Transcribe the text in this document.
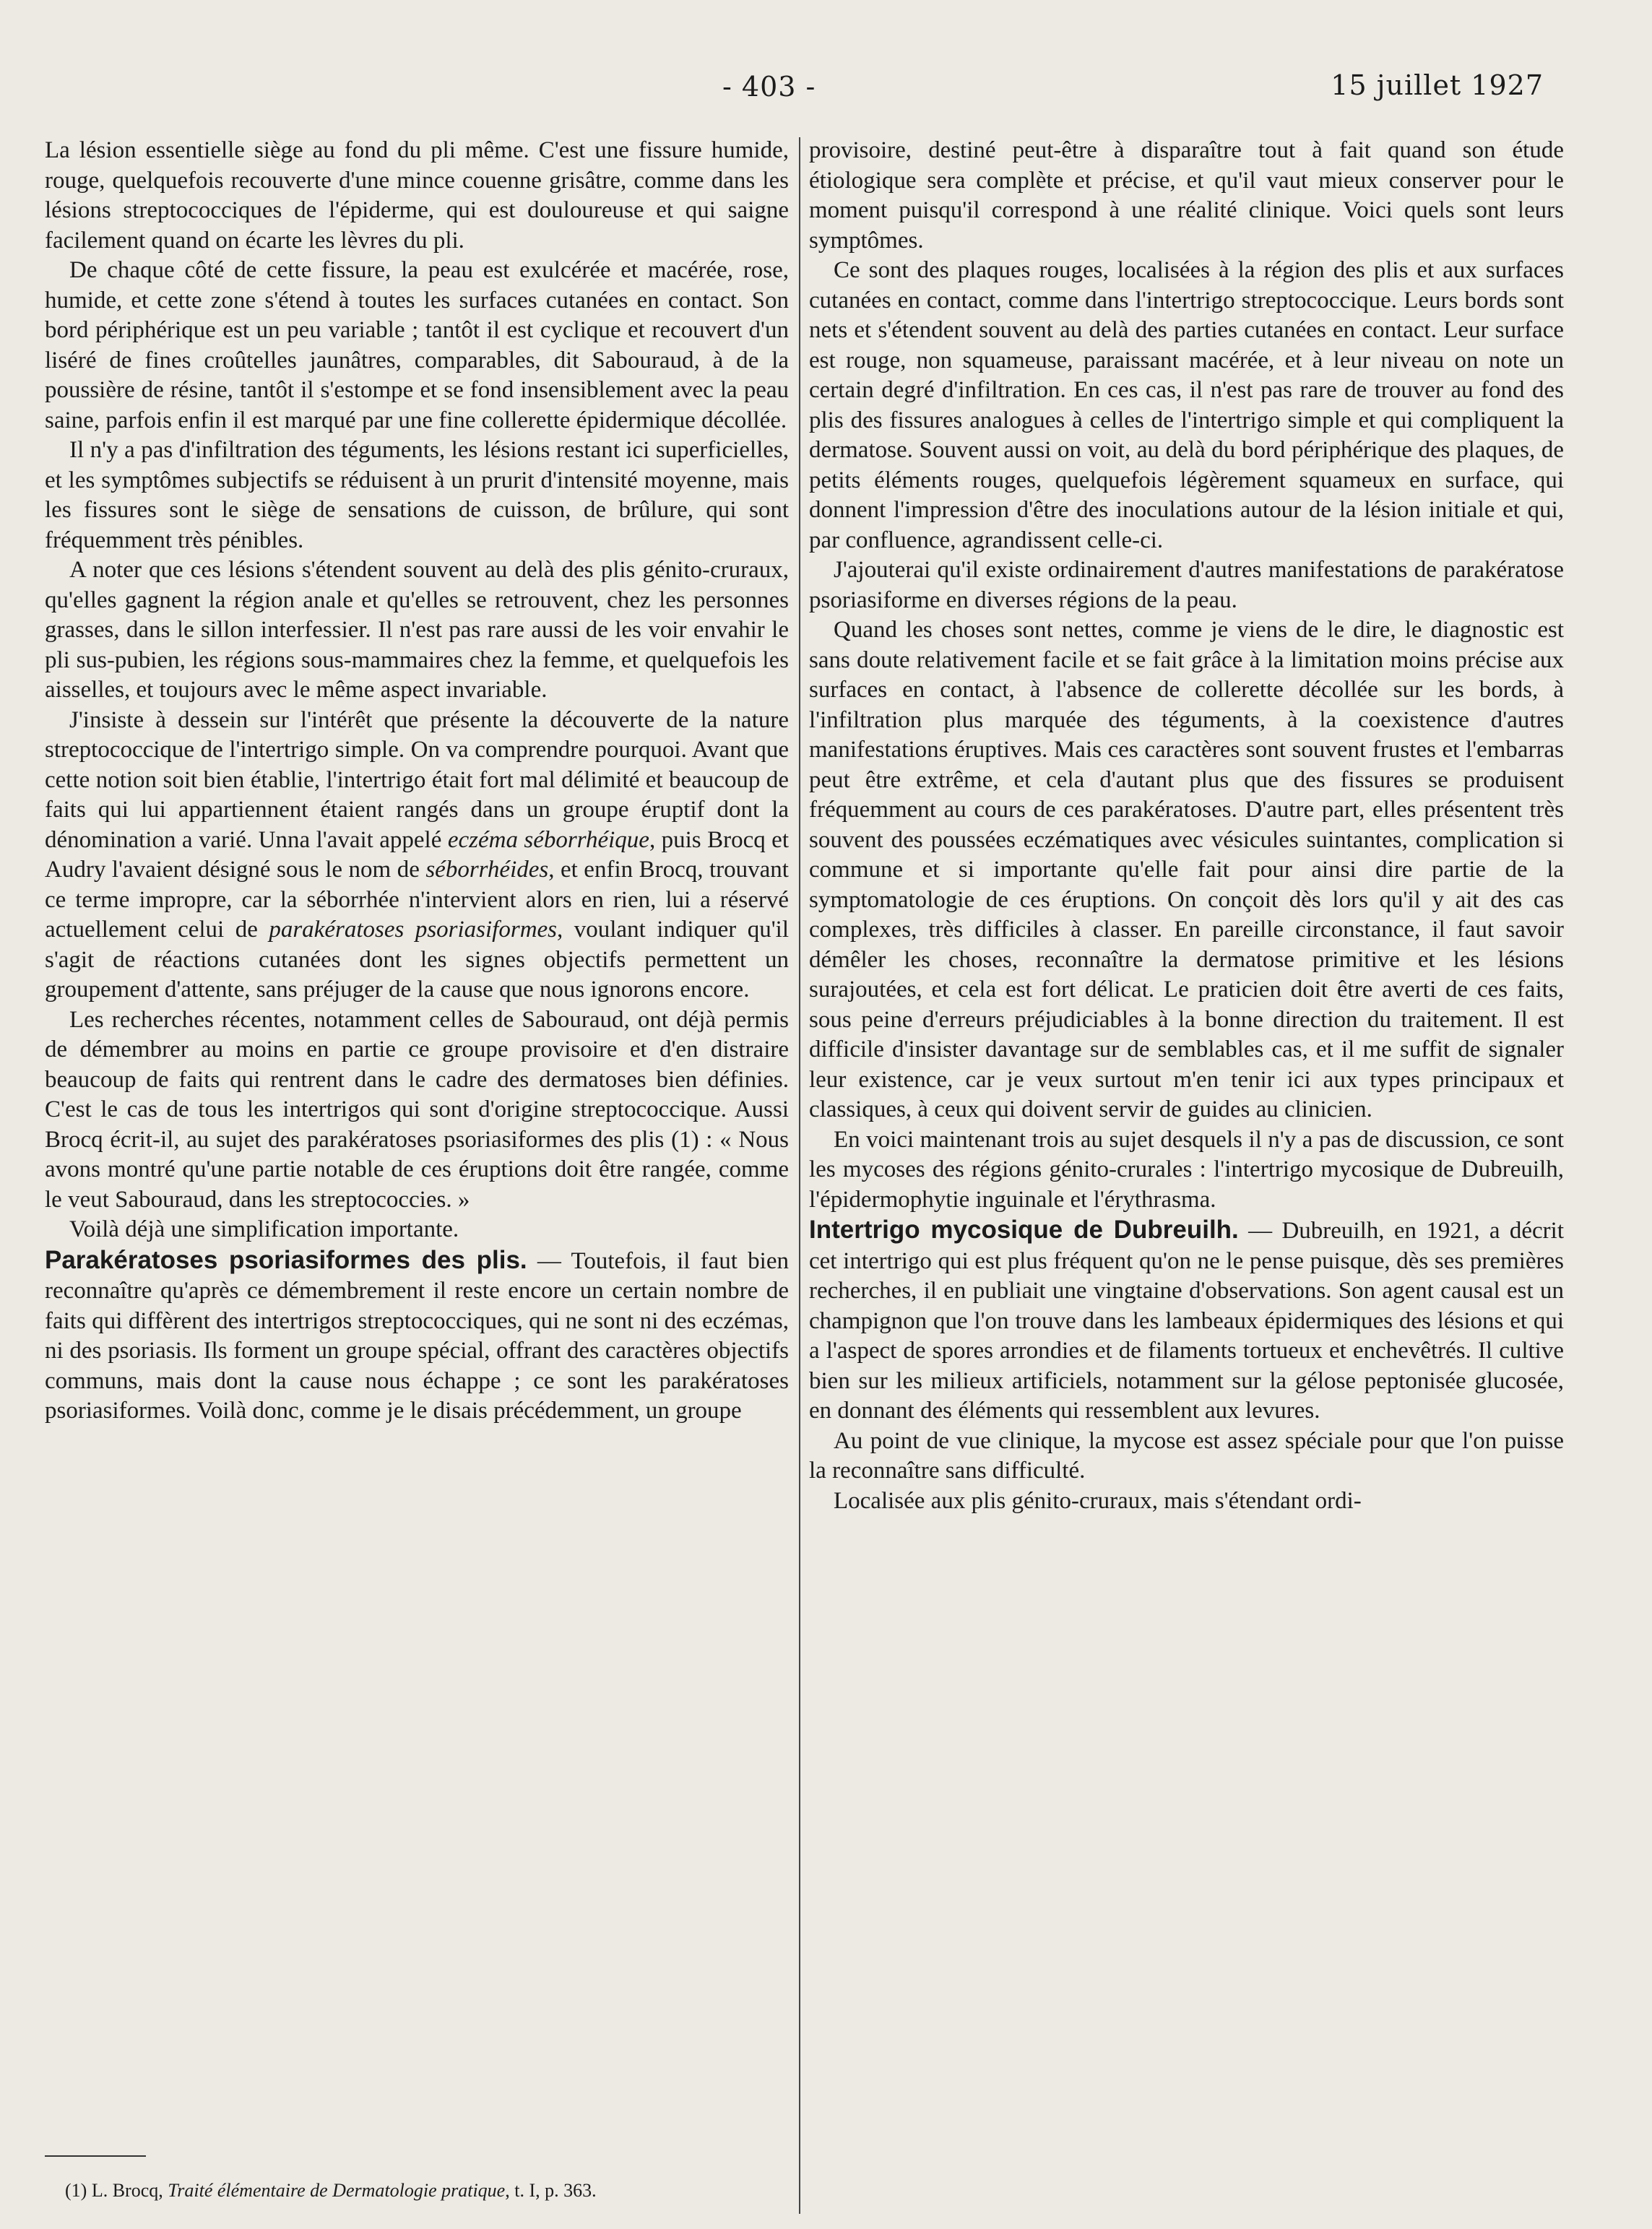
- 403 -	15 juillet 1927

La lésion essentielle siège au fond du pli même. C'est une fissure humide, rouge, quelquefois recouverte d'une mince couenne grisâtre, comme dans les lésions streptococciques de l'épiderme, qui est douloureuse et qui saigne facilement quand on écarte les lèvres du pli.

De chaque côté de cette fissure, la peau est exulcérée et macérée, rose, humide, et cette zone s'étend à toutes les surfaces cutanées en contact. Son bord périphérique est un peu variable ; tantôt il est cyclique et recouvert d'un liséré de fines croûtelles jaunâtres, comparables, dit Sabouraud, à de la poussière de résine, tantôt il s'estompe et se fond insensiblement avec la peau saine, parfois enfin il est marqué par une fine collerette épidermique décollée.

Il n'y a pas d'infiltration des téguments, les lésions restant ici superficielles, et les symptômes subjectifs se réduisent à un prurit d'intensité moyenne, mais les fissures sont le siège de sensations de cuisson, de brûlure, qui sont fréquemment très pénibles.

A noter que ces lésions s'étendent souvent au delà des plis génito-cruraux, qu'elles gagnent la région anale et qu'elles se retrouvent, chez les personnes grasses, dans le sillon interfessier. Il n'est pas rare aussi de les voir envahir le pli sus-pubien, les régions sous-mammaires chez la femme, et quelquefois les aisselles, et toujours avec le même aspect invariable.

J'insiste à dessein sur l'intérêt que présente la découverte de la nature streptococcique de l'intertrigo simple. On va comprendre pourquoi. Avant que cette notion soit bien établie, l'intertrigo était fort mal délimité et beaucoup de faits qui lui appartiennent étaient rangés dans un groupe éruptif dont la dénomination a varié. Unna l'avait appelé eczéma séborrhéique, puis Brocq et Audry l'avaient désigné sous le nom de séborrhéides, et enfin Brocq, trouvant ce terme impropre, car la séborrhée n'intervient alors en rien, lui a réservé actuellement celui de parakératoses psoriasiformes, voulant indiquer qu'il s'agit de réactions cutanées dont les signes objectifs permettent un groupement d'attente, sans préjuger de la cause que nous ignorons encore.

Les recherches récentes, notamment celles de Sabouraud, ont déjà permis de démembrer au moins en partie ce groupe provisoire et d'en distraire beaucoup de faits qui rentrent dans le cadre des dermatoses bien définies. C'est le cas de tous les intertrigos qui sont d'origine streptococcique. Aussi Brocq écrit-il, au sujet des parakératoses psoriasiformes des plis (1) : « Nous avons montré qu'une partie notable de ces éruptions doit être rangée, comme le veut Sabouraud, dans les streptococcies. »

Voilà déjà une simplification importante.

Parakératoses psoriasiformes des plis. — Toutefois, il faut bien reconnaître qu'après ce démembrement il reste encore un certain nombre de faits qui diffèrent des intertrigos streptococciques, qui ne sont ni des eczémas, ni des psoriasis. Ils forment un groupe spécial, offrant des caractères objectifs communs, mais dont la cause nous échappe ; ce sont les parakératoses psoriasiformes. Voilà donc, comme je le disais précédemment, un groupe

provisoire, destiné peut-être à disparaître tout à fait quand son étude étiologique sera complète et précise, et qu'il vaut mieux conserver pour le moment puisqu'il correspond à une réalité clinique. Voici quels sont leurs symptômes.

Ce sont des plaques rouges, localisées à la région des plis et aux surfaces cutanées en contact, comme dans l'intertrigo streptococcique. Leurs bords sont nets et s'étendent souvent au delà des parties cutanées en contact. Leur surface est rouge, non squameuse, paraissant macérée, et à leur niveau on note un certain degré d'infiltration. En ces cas, il n'est pas rare de trouver au fond des plis des fissures analogues à celles de l'intertrigo simple et qui compliquent la dermatose. Souvent aussi on voit, au delà du bord périphérique des plaques, de petits éléments rouges, quelquefois légèrement squameux en surface, qui donnent l'impression d'être des inoculations autour de la lésion initiale et qui, par confluence, agrandissent celle-ci.

J'ajouterai qu'il existe ordinairement d'autres manifestations de parakératose psoriasiforme en diverses régions de la peau.

Quand les choses sont nettes, comme je viens de le dire, le diagnostic est sans doute relativement facile et se fait grâce à la limitation moins précise aux surfaces en contact, à l'absence de collerette décollée sur les bords, à l'infiltration plus marquée des téguments, à la coexistence d'autres manifestations éruptives. Mais ces caractères sont souvent frustes et l'embarras peut être extrême, et cela d'autant plus que des fissures se produisent fréquemment au cours de ces parakératoses. D'autre part, elles présentent très souvent des poussées eczématiques avec vésicules suintantes, complication si commune et si importante qu'elle fait pour ainsi dire partie de la symptomatologie de ces éruptions. On conçoit dès lors qu'il y ait des cas complexes, très difficiles à classer. En pareille circonstance, il faut savoir démêler les choses, reconnaître la dermatose primitive et les lésions surajoutées, et cela est fort délicat. Le praticien doit être averti de ces faits, sous peine d'erreurs préjudiciables à la bonne direction du traitement. Il est difficile d'insister davantage sur de semblables cas, et il me suffit de signaler leur existence, car je veux surtout m'en tenir ici aux types principaux et classiques, à ceux qui doivent servir de guides au clinicien.

En voici maintenant trois au sujet desquels il n'y a pas de discussion, ce sont les mycoses des régions génito-crurales : l'intertrigo mycosique de Dubreuilh, l'épidermophytie inguinale et l'érythrasma.

Intertrigo mycosique de Dubreuilh. — Dubreuilh, en 1921, a décrit cet intertrigo qui est plus fréquent qu'on ne le pense puisque, dès ses premières recherches, il en publiait une vingtaine d'observations. Son agent causal est un champignon que l'on trouve dans les lambeaux épidermiques des lésions et qui a l'aspect de spores arrondies et de filaments tortueux et enchevêtrés. Il cultive bien sur les milieux artificiels, notamment sur la gélose peptonisée glucosée, en donnant des éléments qui ressemblent aux levures.

Au point de vue clinique, la mycose est assez spéciale pour que l'on puisse la reconnaître sans difficulté.

Localisée aux plis génito-cruraux, mais s'étendant ordi-

(1) L. Brocq, Traité élémentaire de Dermatologie pratique, t. I, p. 363.
